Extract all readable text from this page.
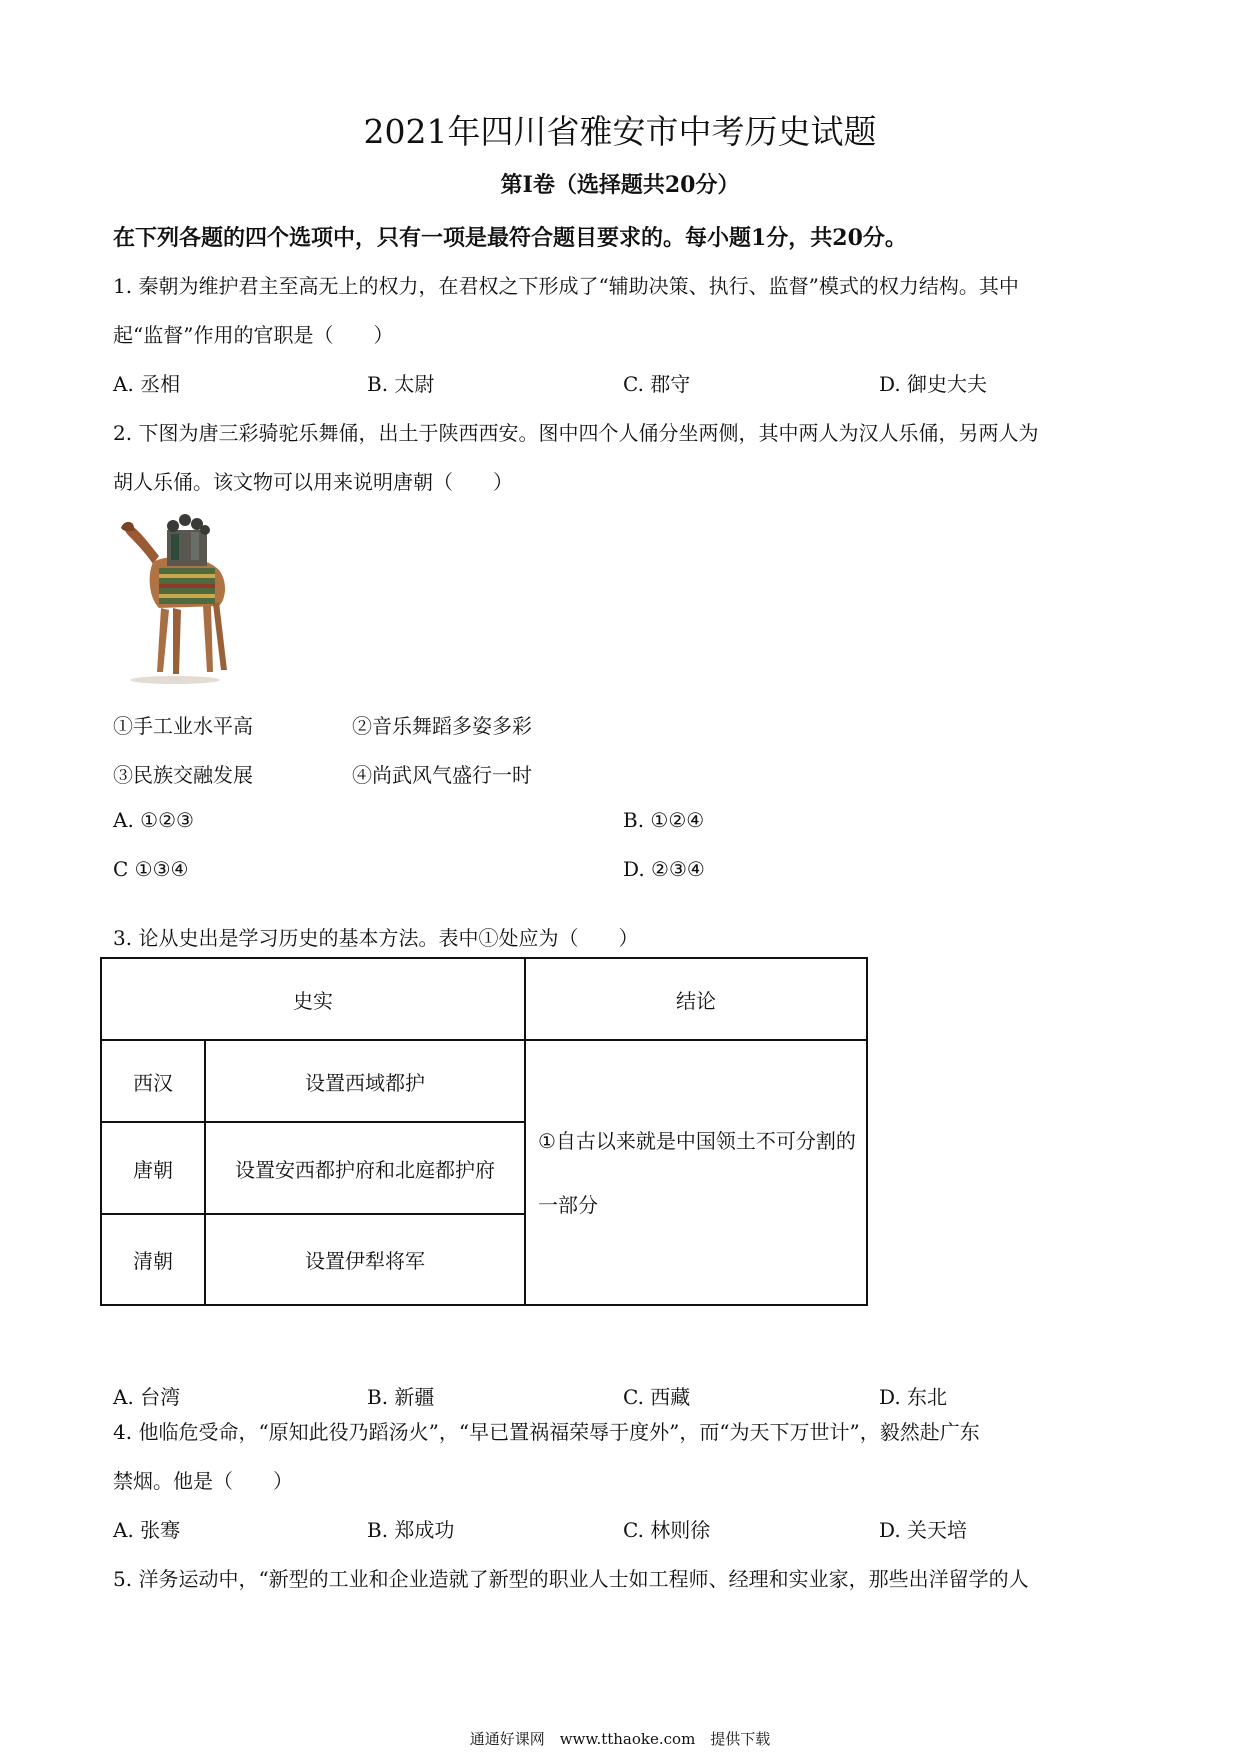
2021年四川省雅安市中考历史试题
第Ⅰ卷（选择题共20分）
在下列各题的四个选项中，只有一项是最符合题目要求的。每小题1分，共20分。
1. 秦朝为维护君主至高无上的权力，在君权之下形成了“辅助决策、执行、监督”模式的权力结构。其中
起“监督”作用的官职是（　　）
A. 丞相	B. 太尉	C. 郡守	D. 御史大夫
2. 下图为唐三彩骑驼乐舞俑，出土于陕西西安。图中四个人俑分坐两侧，其中两人为汉人乐俑，另两人为
胡人乐俑。该文物可以用来说明唐朝（　　）
①手工业水平高	②音乐舞蹈多姿多彩
③民族交融发展	④尚武风气盛行一时
A. ①②③	B. ①②④
C ①③④	D. ②③④
3. 论从史出是学习历史的基本方法。表中①处应为（　　）
史实		结论
西汉	设置西域都护	①自古以来就是中国领土不可分割的一部分
唐朝	设置安西都护府和北庭都护府	
清朝	设置伊犁将军	
A. 台湾	B. 新疆	C. 西藏	D. 东北
4. 他临危受命，“原知此役乃蹈汤火”，“早已置祸福荣辱于度外”，而“为天下万世计”，毅然赴广东
禁烟。他是（　　）
A. 张骞	B. 郑成功	C. 林则徐	D. 关天培
5. 洋务运动中，“新型的工业和企业造就了新型的职业人士如工程师、经理和实业家，那些出洋留学的人
通通好课网　www.tthaoke.com　提供下载
